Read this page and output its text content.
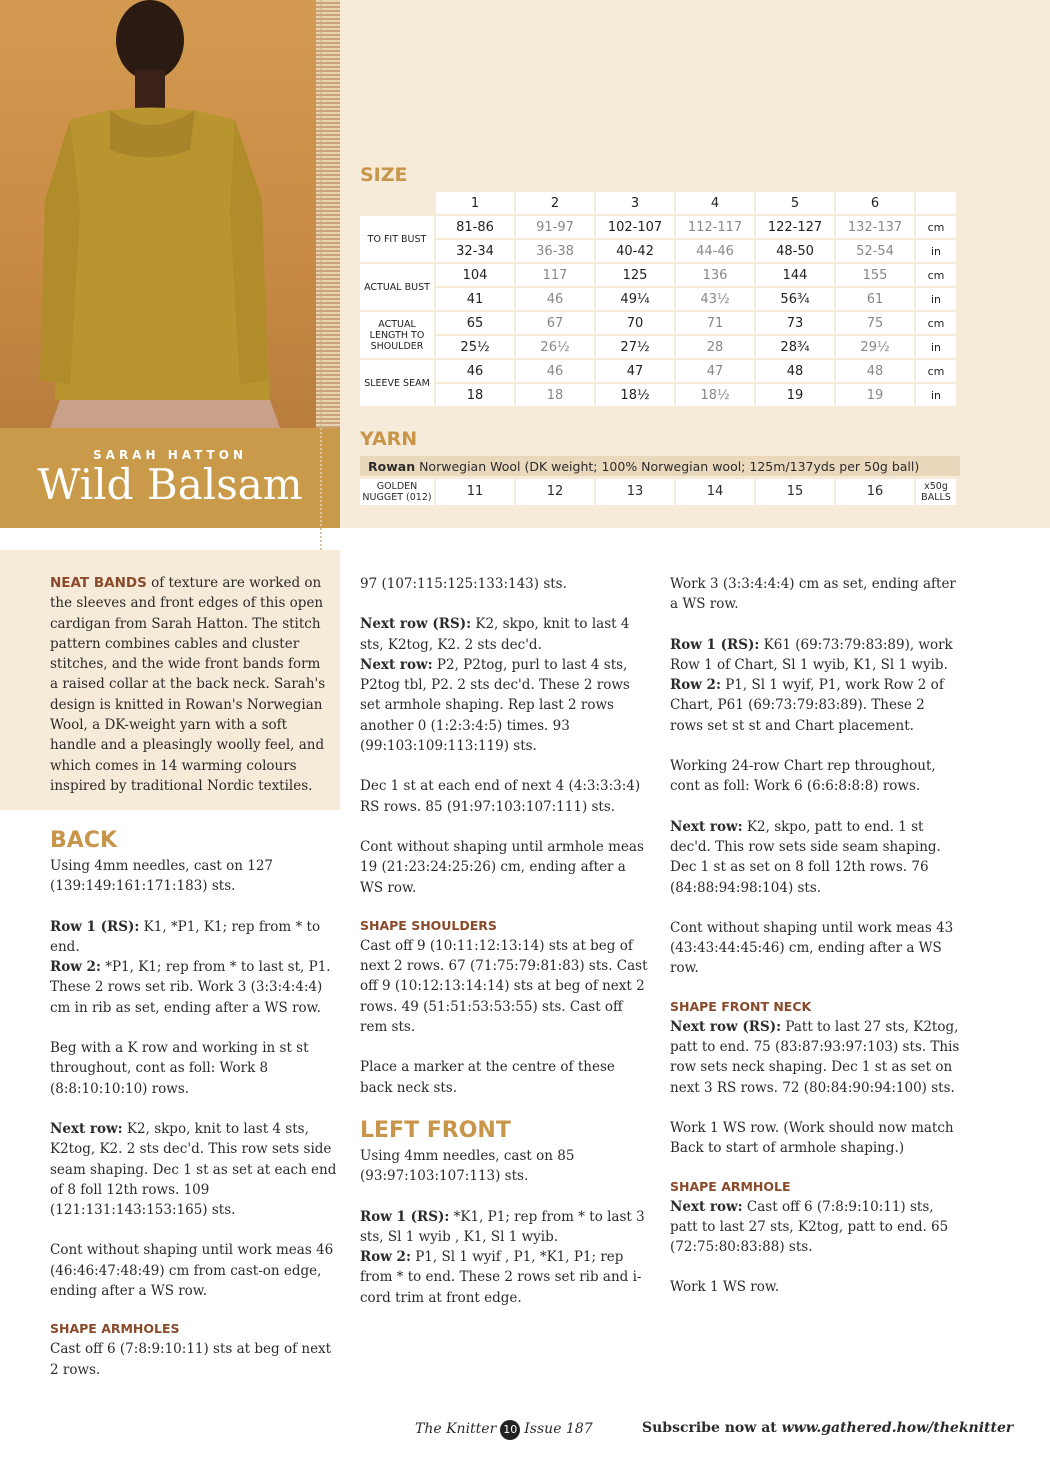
SARAH HATTON
Wild Balsam
SIZE
	1	2	3	4	5	6	
TO FIT BUST	81-86	91-97	102-107	112-117	122-127	132-137	cm
	32-34	36-38	40-42	44-46	48-50	52-54	in
ACTUAL BUST	104	117	125	136	144	155	cm
	41	46	49¼	43½	56¾	61	in
ACTUAL LENGTH TO SHOULDER	65	67	70	71	73	75	cm
	25½	26½	27½	28	28¾	29½	in
SLEEVE SEAM	46	46	47	47	48	48	cm
	18	18	18½	18½	19	19	in
YARN
Rowan Norwegian Wool (DK weight; 100% Norwegian wool; 125m/137yds per 50g ball)
GOLDEN NUGGET (012)	11	12	13	14	15	16	x50g BALLS
NEAT BANDS of texture are worked on the sleeves and front edges of this open cardigan from Sarah Hatton. The stitch pattern combines cables and cluster stitches, and the wide front bands form a raised collar at the back neck. Sarah's design is knitted in Rowan's Norwegian Wool, a DK-weight yarn with a soft handle and a pleasingly woolly feel, and which comes in 14 warming colours inspired by traditional Nordic textiles.
BACK

Using 4mm needles, cast on 127 (139:149:161:171:183) sts.

Row 1 (RS): K1, *P1, K1; rep from * to end.
Row 2: *P1, K1; rep from * to last st, P1.
These 2 rows set rib. Work 3 (3:3:4:4:4) cm in rib as set, ending after a WS row.

Beg with a K row and working in st st throughout, cont as foll: Work 8 (8:8:10:10:10) rows.

Next row: K2, skpo, knit to last 4 sts, K2tog, K2. 2 sts dec'd. This row sets side seam shaping. Dec 1 st as set at each end of 8 foll 12th rows. 109 (121:131:143:153:165) sts.

Cont without shaping until work meas 46 (46:46:47:48:49) cm from cast-on edge, ending after a WS row.

SHAPE ARMHOLES

Cast off 6 (7:8:9:10:11) sts at beg of next 2 rows.

97 (107:115:125:133:143) sts.

Next row (RS): K2, skpo, knit to last 4 sts, K2tog, K2. 2 sts dec'd.
Next row: P2, P2tog, purl to last 4 sts, P2tog tbl, P2. 2 sts dec'd. These 2 rows set armhole shaping. Rep last 2 rows another 0 (1:2:3:4:5) times. 93 (99:103:109:113:119) sts.

Dec 1 st at each end of next 4 (4:3:3:3:4) RS rows. 85 (91:97:103:107:111) sts.

Cont without shaping until armhole meas 19 (21:23:24:25:26) cm, ending after a WS row.

SHAPE SHOULDERS

Cast off 9 (10:11:12:13:14) sts at beg of next 2 rows. 67 (71:75:79:81:83) sts. Cast off 9 (10:12:13:14:14) sts at beg of next 2 rows. 49 (51:51:53:53:55) sts. Cast off rem sts.

Place a marker at the centre of these back neck sts.

LEFT FRONT

Using 4mm needles, cast on 85 (93:97:103:107:113) sts.

Row 1 (RS): *K1, P1; rep from * to last 3 sts, Sl 1 wyib , K1, Sl 1 wyib.
Row 2: P1, Sl 1 wyif , P1, *K1, P1; rep from * to end. These 2 rows set rib and i-cord trim at front edge.

Work 3 (3:3:4:4:4) cm as set, ending after a WS row.

Row 1 (RS): K61 (69:73:79:83:89), work Row 1 of Chart, Sl 1 wyib, K1, Sl 1 wyib.
Row 2: P1, Sl 1 wyif, P1, work Row 2 of Chart, P61 (69:73:79:83:89). These 2 rows set st st and Chart placement.

Working 24-row Chart rep throughout, cont as foll: Work 6 (6:6:8:8:8) rows.

Next row: K2, skpo, patt to end. 1 st dec'd. This row sets side seam shaping. Dec 1 st as set on 8 foll 12th rows. 76 (84:88:94:98:104) sts.

Cont without shaping until work meas 43 (43:43:44:45:46) cm, ending after a WS row.

SHAPE FRONT NECK

Next row (RS): Patt to last 27 sts, K2tog, patt to end. 75 (83:87:93:97:103) sts. This row sets neck shaping. Dec 1 st as set on next 3 RS rows. 72 (80:84:90:94:100) sts.

Work 1 WS row. (Work should now match Back to start of armhole shaping.)

SHAPE ARMHOLE

Next row: Cast off 6 (7:8:9:10:11) sts, patt to last 27 sts, K2tog, patt to end. 65 (72:75:80:83:88) sts.

Work 1 WS row.

The Knitter 10 Issue 187	Subscribe now at www.gathered.how/theknitter
